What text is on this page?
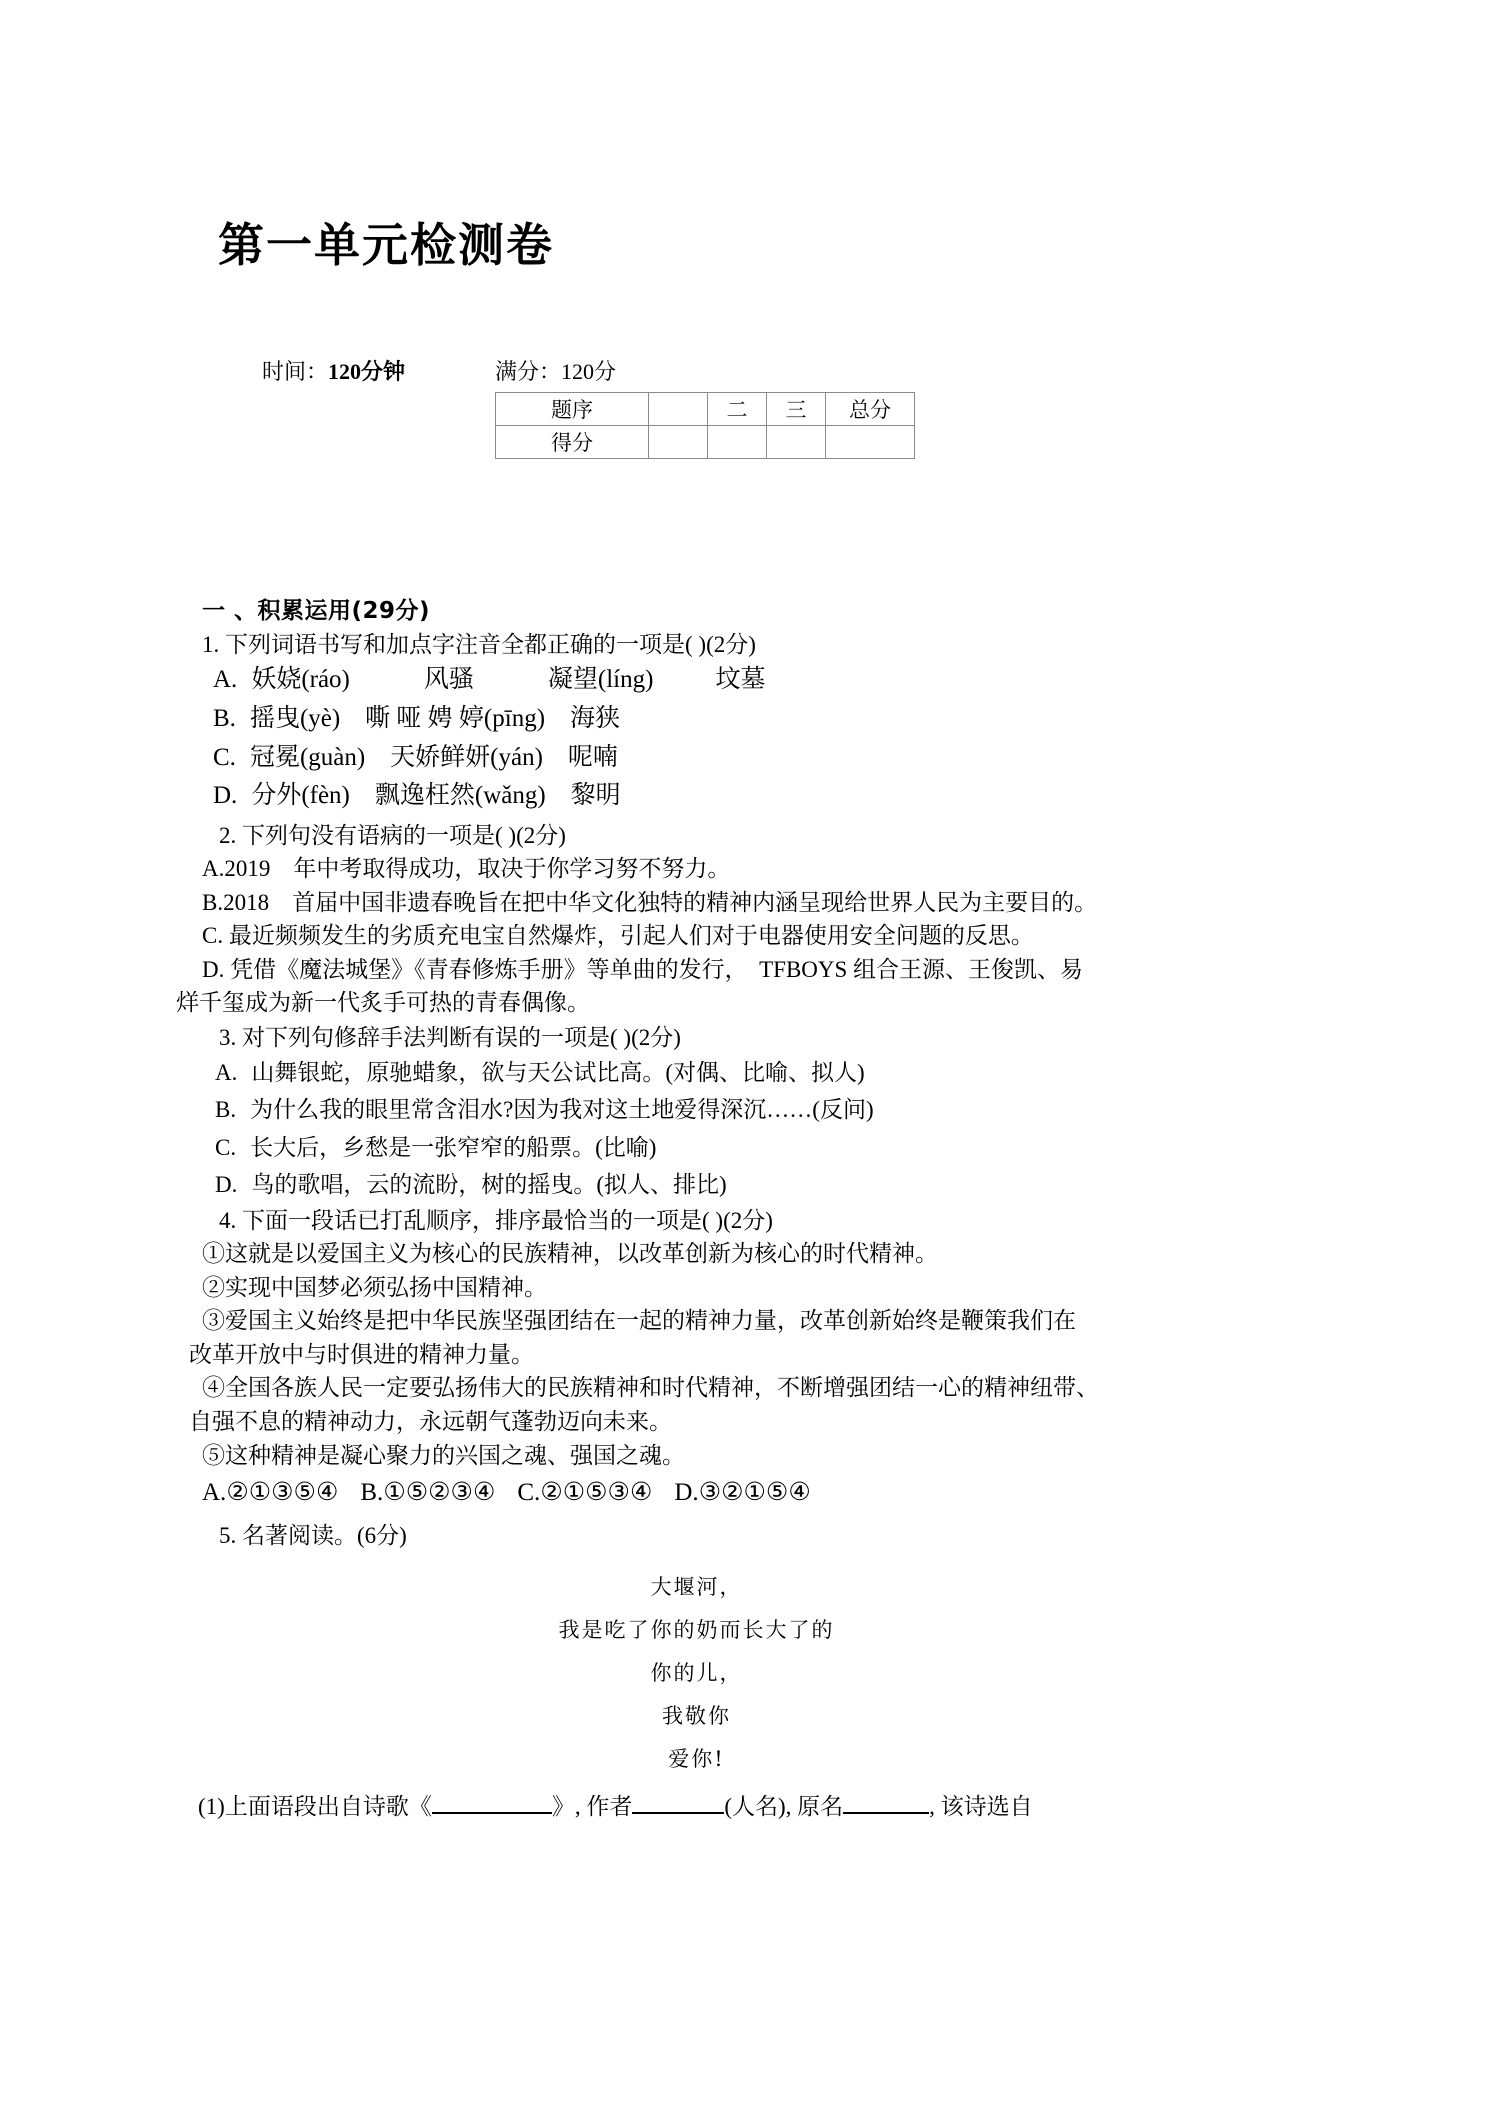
第一单元检测卷
时间：120分钟	满分：120分
题序		二	三	总分
得分				
一 、积累运用(29分)

1. 下列词语书写和加点字注音全都正确的一项是( )(2分)

A. 妖娆(ráo)	风骚	凝望(líng) 坟墓

B. 摇曳(yè)　嘶 哑 娉 婷(pīng)　海狭

C. 冠冕(guàn)　天娇鲜妍(yán)　呢喃

D. 分外(fèn)　飘逸枉然(wǎng)　黎明

2. 下列句没有语病的一项是( )(2分)

A.2019　年中考取得成功，取决于你学习努不努力。

B.2018　首届中国非遗春晚旨在把中华文化独特的精神内涵呈现给世界人民为主要目的。

C. 最近频频发生的劣质充电宝自然爆炸，引起人们对于电器使用安全问题的反思。

D. 凭借《魔法城堡》《青春修炼手册》等单曲的发行，　TFBOYS 组合王源、王俊凯、易

烊千玺成为新一代炙手可热的青春偶像。

3. 对下列句修辞手法判断有误的一项是( )(2分)

A. 山舞银蛇，原驰蜡象，欲与天公试比高。(对偶、比喻、拟人)

B. 为什么我的眼里常含泪水?因为我对这土地爱得深沉……(反问)

C. 长大后，乡愁是一张窄窄的船票。(比喻)

D. 鸟的歌唱，云的流盼，树的摇曳。(拟人、排比)

4. 下面一段话已打乱顺序，排序最恰当的一项是( )(2分)

①这就是以爱国主义为核心的民族精神，以改革创新为核心的时代精神。

②实现中国梦必须弘扬中国精神。

③爱国主义始终是把中华民族坚强团结在一起的精神力量，改革创新始终是鞭策我们在

改革开放中与时俱进的精神力量。

④全国各族人民一定要弘扬伟大的民族精神和时代精神，不断增强团结一心的精神纽带、

自强不息的精神动力，永远朝气蓬勃迈向未来。

⑤这种精神是凝心聚力的兴国之魂、强国之魂。

A.②①③⑤④ B.①⑤②③④ C.②①⑤③④ D.③②①⑤④

5. 名著阅读。(6分)

大堰河，
我是吃了你的奶而长大了的
你的儿，
我敬你
爱你!

(1)上面语段出自诗歌《	》, 作者	(人名), 原名	, 该诗选自
